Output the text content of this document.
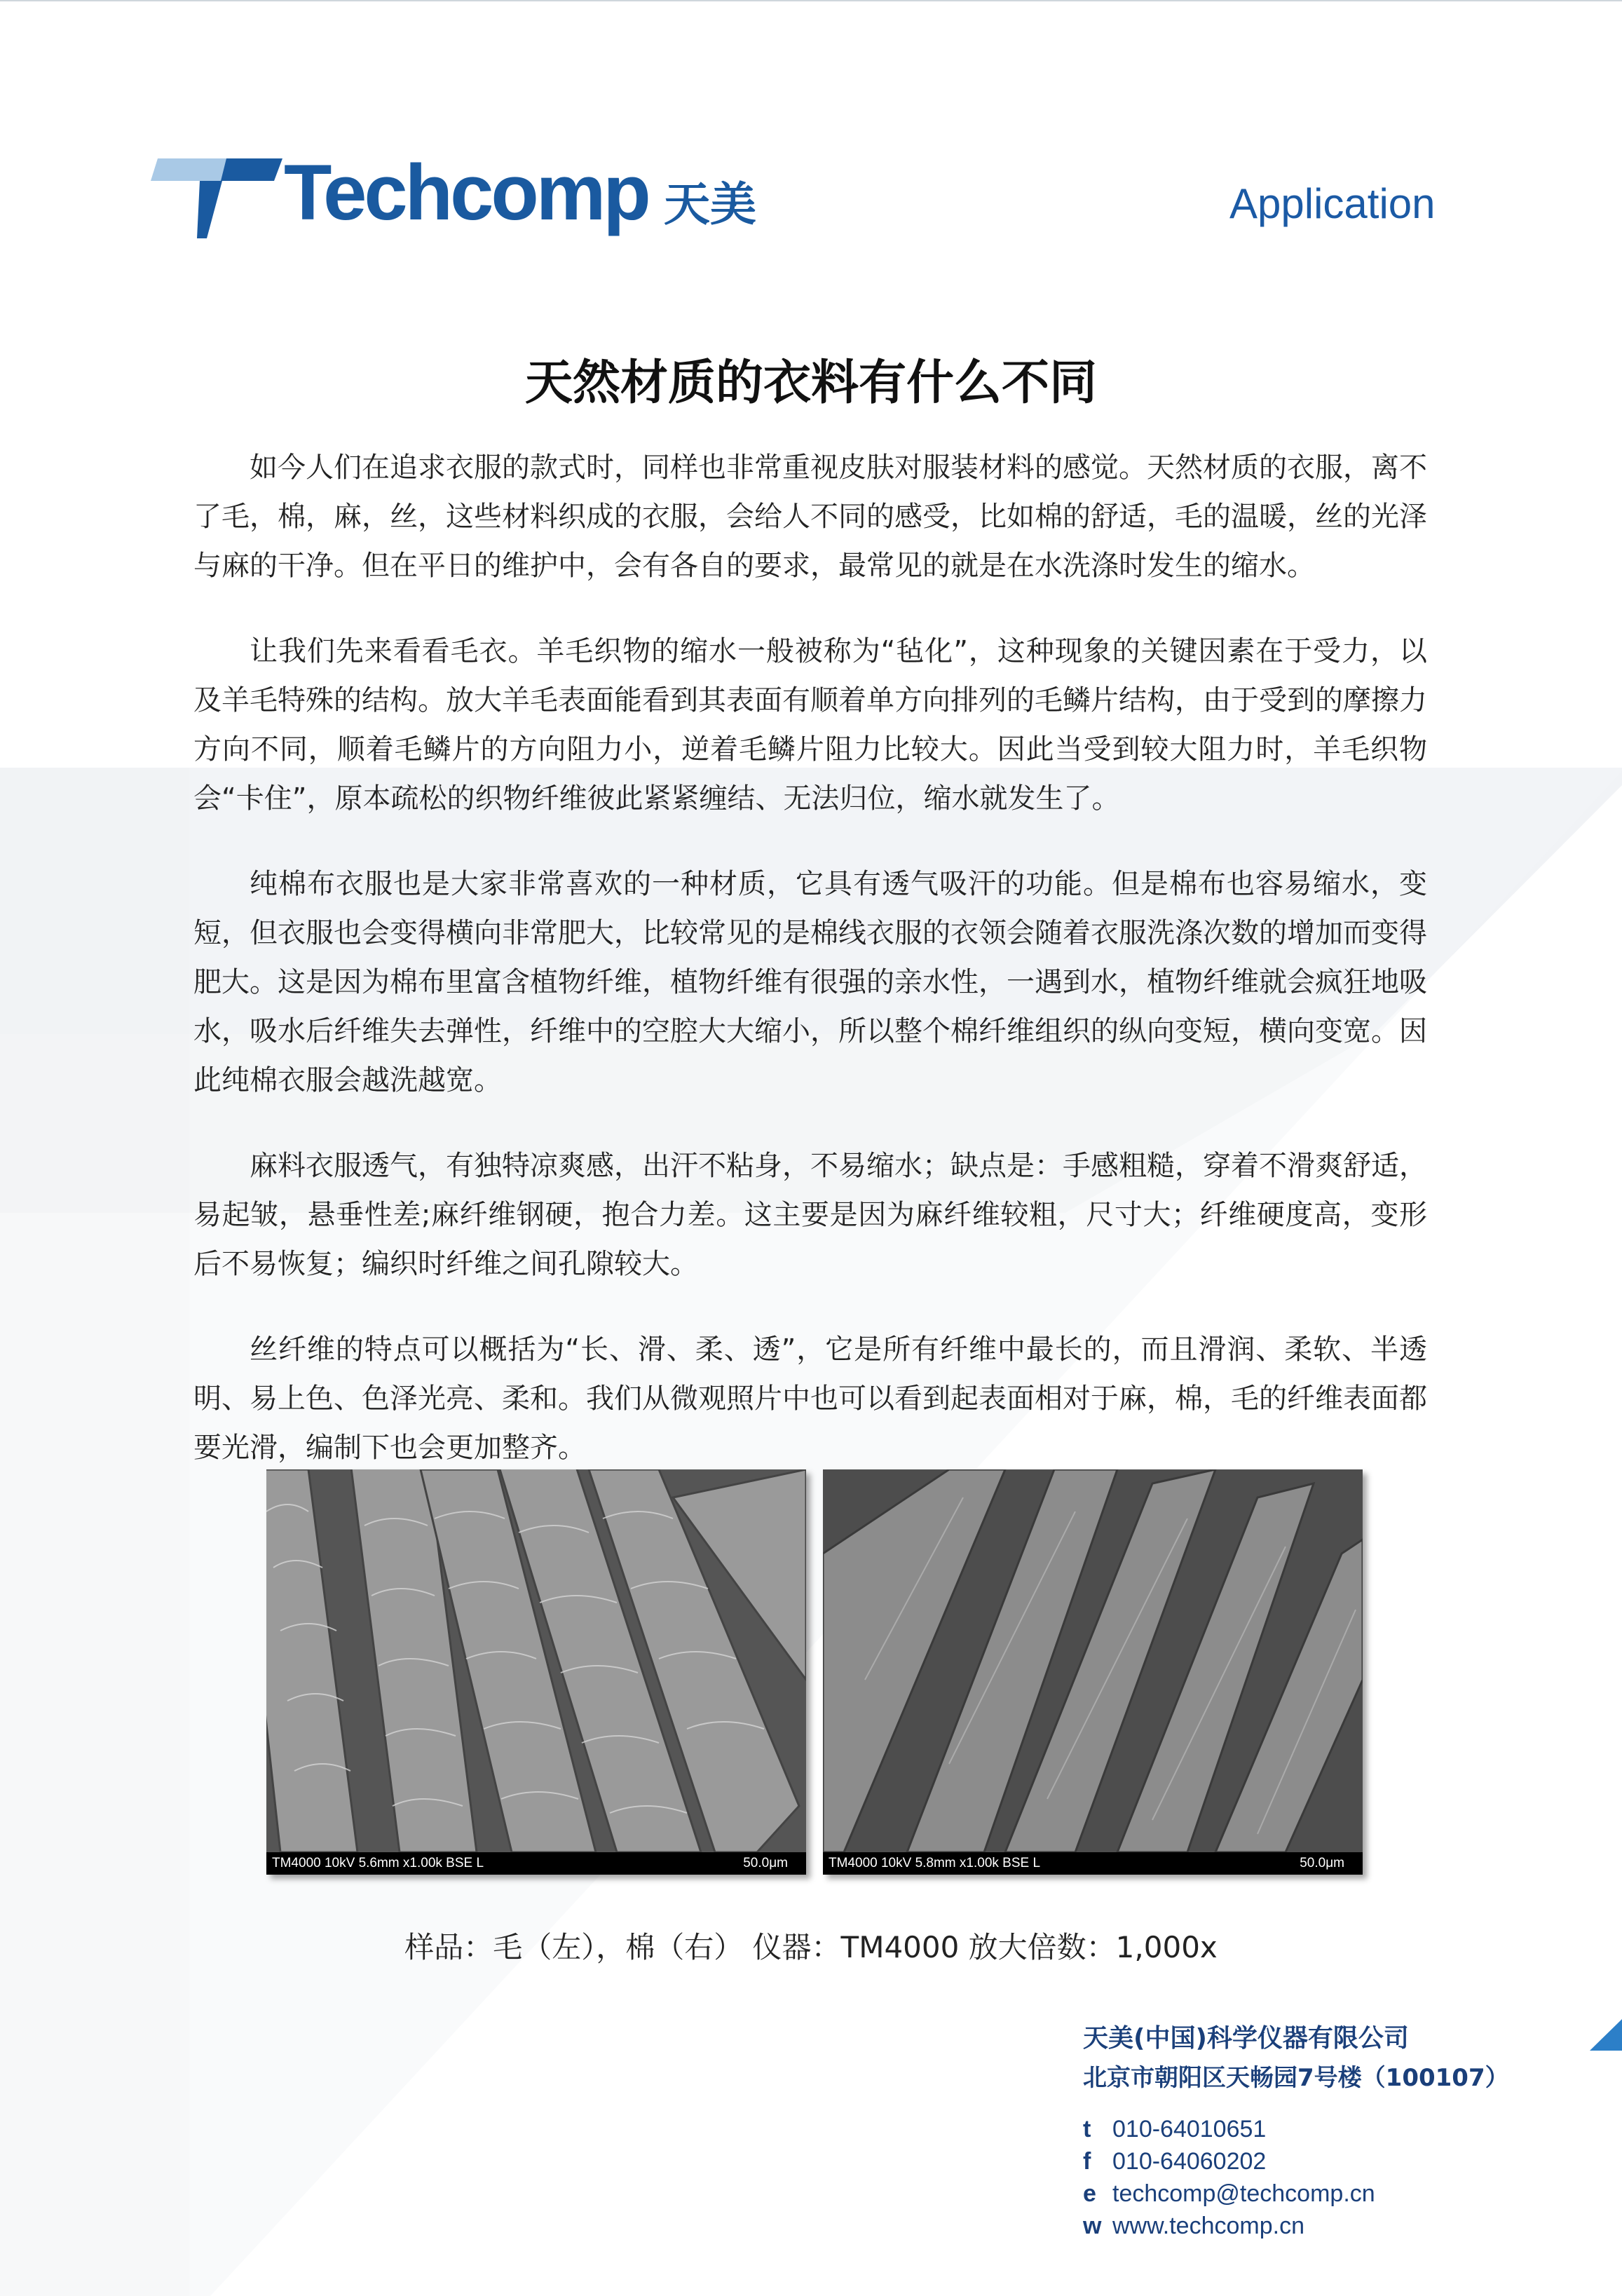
Techcomp 天美	Application
天然材质的衣料有什么不同

如今人们在追求衣服的款式时，同样也非常重视皮肤对服装材料的感觉。天然材质的衣服，离不了毛，棉，麻，丝，这些材料织成的衣服，会给人不同的感受，比如棉的舒适，毛的温暖，丝的光泽与麻的干净。但在平日的维护中，会有各自的要求，最常见的就是在水洗涤时发生的缩水。

让我们先来看看毛衣。羊毛织物的缩水一般被称为“毡化”，这种现象的关键因素在于受力，以及羊毛特殊的结构。放大羊毛表面能看到其表面有顺着单方向排列的毛鳞片结构，由于受到的摩擦力方向不同，顺着毛鳞片的方向阻力小，逆着毛鳞片阻力比较大。因此当受到较大阻力时，羊毛织物会“卡住”，原本疏松的织物纤维彼此紧紧缠结、无法归位，缩水就发生了。

纯棉布衣服也是大家非常喜欢的一种材质，它具有透气吸汗的功能。但是棉布也容易缩水，变短，但衣服也会变得横向非常肥大，比较常见的是棉线衣服的衣领会随着衣服洗涤次数的增加而变得肥大。这是因为棉布里富含植物纤维，植物纤维有很强的亲水性，一遇到水，植物纤维就会疯狂地吸水，吸水后纤维失去弹性，纤维中的空腔大大缩小，所以整个棉纤维组织的纵向变短，横向变宽。因此纯棉衣服会越洗越宽。

麻料衣服透气，有独特凉爽感，出汗不粘身，不易缩水；缺点是：手感粗糙，穿着不滑爽舒适，易起皱，悬垂性差;麻纤维钢硬，抱合力差。这主要是因为麻纤维较粗，尺寸大；纤维硬度高，变形后不易恢复；编织时纤维之间孔隙较大。

丝纤维的特点可以概括为“长、滑、柔、透”，它是所有纤维中最长的，而且滑润、柔软、半透明、易上色、色泽光亮、柔和。我们从微观照片中也可以看到起表面相对于麻，棉，毛的纤维表面都要光滑，编制下也会更加整齐。

TM4000 10kV 5.6mm x1.00k BSE L	50.0μm	TM4000 10kV 5.8mm x1.00k BSE L	50.0μm
样品：毛（左），棉（右） 仪器：TM4000 放大倍数：1,000x
天美(中国)科学仪器有限公司
北京市朝阳区天畅园7号楼（100107）
t 010-64010651
f 010-64060202
e techcomp@techcomp.cn
w www.techcomp.cn
